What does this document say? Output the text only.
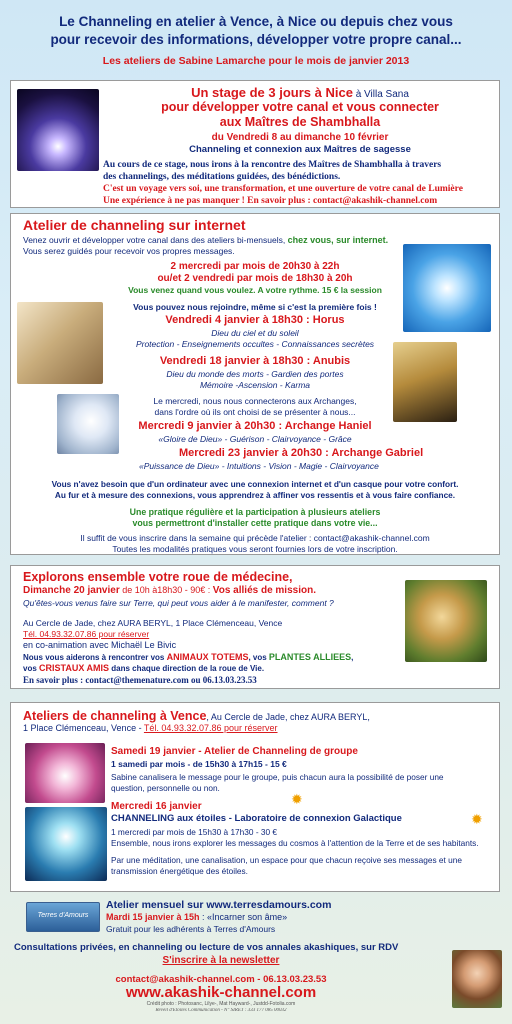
Le Channeling en atelier à Vence, à Nice ou depuis chez vous
pour recevoir des informations, développer votre propre canal...
Les ateliers de Sabine Lamarche pour le mois de janvier 2013
Un stage de 3 jours à Nice à Villa Sana
pour développer votre canal et vous connecter
aux Maîtres de Shambhalla
du Vendredi 8 au dimanche 10 février
Channeling et connexion aux Maîtres de sagesse
Au cours de ce stage, nous irons à la rencontre des Maîtres de Shambhalla à travers
des channelings, des méditations guidées, des bénédictions.
C'est un voyage vers soi, une transformation, et une ouverture de votre canal de Lumière
Une expérience à ne pas manquer ! En savoir plus : contact@akashik-channel.com
Atelier de channeling sur internet
Venez ouvrir et développer votre canal dans des ateliers bi-mensuels, chez vous, sur internet.
Vous serez guidés pour recevoir vos propres messages.
2 mercredi par mois de 20h30 à 22h
ou/et 2 vendredi par mois de 18h30 à 20h
Vous venez quand vous voulez. A votre rythme. 15 € la session
Vous pouvez nous rejoindre, même si c'est la première fois !
Vendredi 4 janvier à 18h30 : Horus
Dieu du ciel et du soleil
Protection - Enseignements occultes - Connaissances secrètes
Vendredi 18 janvier à 18h30 : Anubis
Dieu du monde des morts - Gardien des portes
Mémoire -Ascension - Karma
Le mercredi, nous nous connecterons aux Archanges,
dans l'ordre où ils ont choisi de se présenter à nous...
Mercredi 9 janvier à 20h30 : Archange Haniel
«Gloire de Dieu» - Guérison - Clairvoyance - Grâce
Mercredi 23 janvier à 20h30 : Archange Gabriel
«Puissance de Dieu» - Intuitions - Vision - Magie - Clairvoyance
Vous n'avez besoin que d'un ordinateur avec une connexion internet et d'un casque pour votre confort.
Au fur et à mesure des connexions, vous apprendrez à affiner vos ressentis et à vous faire confiance.
Une pratique régulière et la participation à plusieurs ateliers
vous permettront d'installer cette pratique dans votre vie...
Il suffit de vous inscrire dans la semaine qui précède l'atelier : contact@akashik-channel.com
Toutes les modalités pratiques vous seront fournies lors de votre inscription.
Explorons ensemble votre roue de médecine,
Dimanche 20 janvier de 10h à18h30 - 90€ : Vos alliés de mission.
Qu'êtes-vous venus faire sur Terre, qui peut vous aider à le manifester, comment ?
Au Cercle de Jade, chez AURA BERYL, 1 Place Clémenceau, Vence
Tél. 04.93.32.07.86 pour réserver
en co-animation avec Michaël Le Bivic
Nous vous aiderons à rencontrer vos ANIMAUX TOTEMS, vos PLANTES ALLIEES,
vos CRISTAUX AMIS dans chaque direction de la roue de Vie.
En savoir plus : contact@themenature.com ou 06.13.03.23.53
Ateliers de channeling à Vence, Au Cercle de Jade, chez AURA BERYL,
1 Place Clémenceau, Vence - Tél. 04.93.32.07.86 pour réserver
Samedi 19 janvier - Atelier de Channeling de groupe
1 samedi par mois - de 15h30 à 17h15 - 15 €
Sabine canalisera le message pour le groupe, puis chacun aura la possibilité de poser une
question, personnelle ou non.
✹
Mercredi 16 janvier
CHANNELING aux étoiles - Laboratoire de connexion Galactique	✹
1 mercredi par mois de 15h30 à 17h30 - 30 €
Ensemble, nous irons explorer les messages du cosmos à l'attention de la Terre et de ses habitants.
Par une méditation, une canalisation, un espace pour que chacun reçoive ses messages et une
transmission énergétique des étoiles.
Terres d'Amours
Atelier mensuel sur www.terresdamours.com
Mardi 15 janvier à 15h : «Incarner son âme»
Gratuit pour les adhérents à Terres d'Amours
Consultations privées, en channeling ou lecture de vos annales akashiques, sur RDV
S'inscrire à la newsletter
contact@akashik-channel.com - 06.13.03.23.53
www.akashik-channel.com
Crédit photo : Photosanc, Lilye-, Mat Hayward-, Justdd-Fotolia.com
Reveil d'Etoiles Communication - N° SIRET : 333 177 085 00032
